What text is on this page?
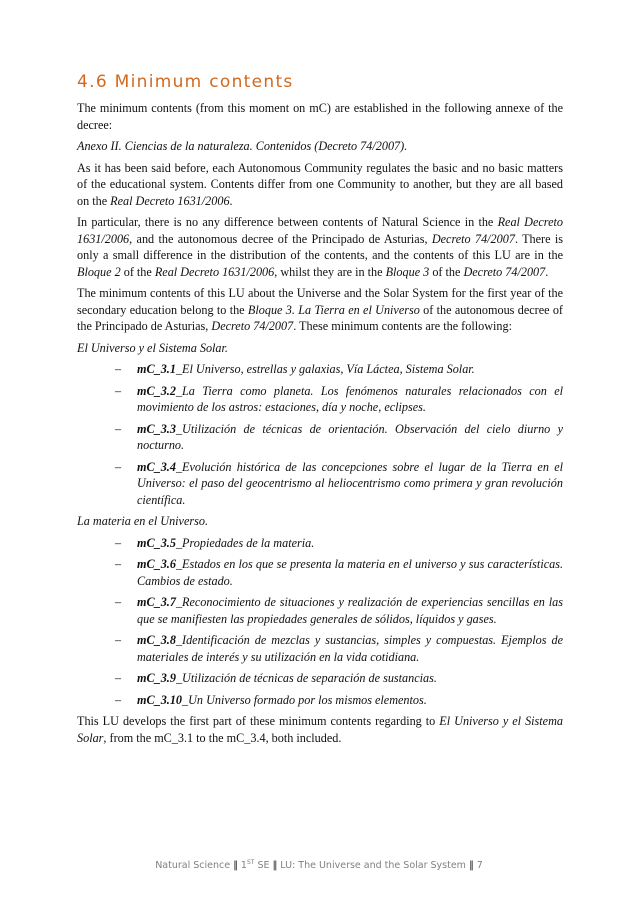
4.6 Minimum contents

The minimum contents (from this moment on mC) are established in the following annexe of the decree:

Anexo II. Ciencias de la naturaleza. Contenidos (Decreto 74/2007).

As it has been said before, each Autonomous Community regulates the basic and no basic matters of the educational system. Contents differ from one Community to another, but they are all based on the Real Decreto 1631/2006.

In particular, there is no any difference between contents of Natural Science in the Real Decreto 1631/2006, and the autonomous decree of the Principado de Asturias, Decreto 74/2007. There is only a small difference in the distribution of the contents, and the contents of this LU are in the Bloque 2 of the Real Decreto 1631/2006, whilst they are in the Bloque 3 of the Decreto 74/2007.

The minimum contents of this LU about the Universe and the Solar System for the first year of the secondary education belong to the Bloque 3. La Tierra en el Universo of the autonomous decree of the Principado de Asturias, Decreto 74/2007. These minimum contents are the following:

El Universo y el Sistema Solar.

– mC_3.1_El Universo, estrellas y galaxias, Vía Láctea, Sistema Solar.
– mC_3.2_La Tierra como planeta. Los fenómenos naturales relacionados con el movimiento de los astros: estaciones, día y noche, eclipses.
– mC_3.3_Utilización de técnicas de orientación. Observación del cielo diurno y nocturno.
– mC_3.4_Evolución histórica de las concepciones sobre el lugar de la Tierra en el Universo: el paso del geocentrismo al heliocentrismo como primera y gran revolución científica.

La materia en el Universo.

– mC_3.5_Propiedades de la materia.
– mC_3.6_Estados en los que se presenta la materia en el universo y sus características. Cambios de estado.
– mC_3.7_Reconocimiento de situaciones y realización de experiencias sencillas en las que se manifiesten las propiedades generales de sólidos, líquidos y gases.
– mC_3.8_Identificación de mezclas y sustancias, simples y compuestas. Ejemplos de materiales de interés y su utilización en la vida cotidiana.
– mC_3.9_Utilización de técnicas de separación de sustancias.
– mC_3.10_Un Universo formado por los mismos elementos.

This LU develops the first part of these minimum contents regarding to El Universo y el Sistema Solar, from the mC_3.1 to the mC_3.4, both included.

Natural Science ‖ 1ST SE ‖ LU: The Universe and the Solar System ‖ 7
